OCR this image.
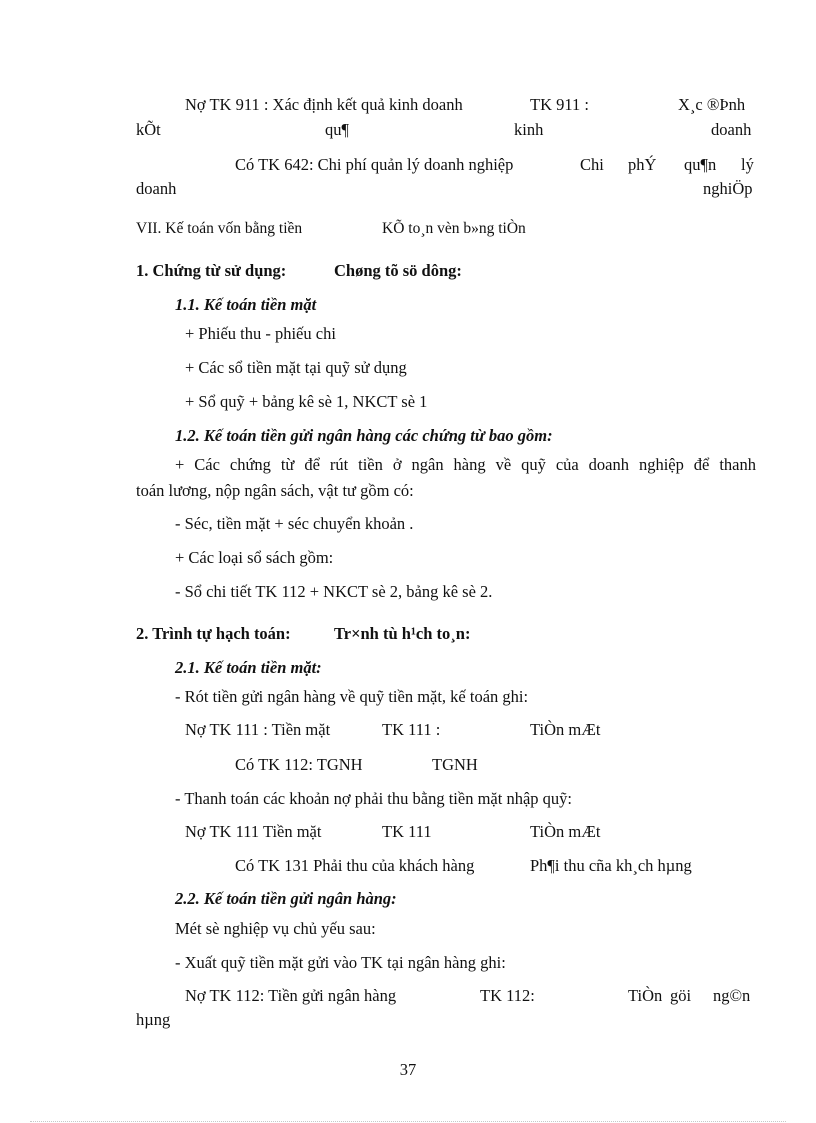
Nợ TK 911 : Xác định kết quả kinh doanh	TK 911 :	X¸c ®Þnh
kÕt	qu¶	kinh	doanh
Có TK 642: Chi phí quản lý doanh nghiệp	Chi phÝ qu¶n lý
doanh	nghiÖp
VII. Kế toán vốn bằng tiền	KÕ to¸n vèn b»ng tiÒn
1. Chứng từ sử dụng:	Chøng tõ sö dông:
1.1. Kế toán tiền mặt
+ Phiếu thu - phiếu chi
+ Các sổ tiền mặt tại quỹ sử dụng
+ Sổ quỹ + bảng kê sè 1, NKCT sè 1
1.2. Kế toán tiền gửi ngân hàng các chứng từ bao gồm:
+ Các chứng từ để rút tiền ở ngân hàng về quỹ của doanh nghiệp để thanh
toán lương, nộp ngân sách, vật tư gồm có:
- Séc, tiền mặt + séc chuyển khoản .
+ Các loại sổ sách gồm:
- Sổ chi tiết TK 112 + NKCT sè 2, bảng kê sè 2.
2. Trình tự hạch toán:	Tr×nh tù h¹ch to¸n:
2.1. Kế toán tiền mặt:
- Rót tiền gửi ngân hàng về quỹ tiền mặt, kế toán ghi:
Nợ TK 111 : Tiền mặt	TK 111 :	TiÒn mÆt
Có TK 112: TGNH	TGNH
- Thanh toán các khoản nợ phải thu bằng tiền mặt nhập quỹ:
Nợ TK 111 Tiền mặt	TK 111	TiÒn mÆt
Có TK 131 Phải thu của khách hàng	Ph¶i thu cña kh¸ch hµng
2.2. Kế toán tiền gửi ngân hàng:
Mét sè nghiệp vụ chủ yếu sau:
- Xuất quỹ tiền mặt gửi vào TK tại ngân hàng ghi:
Nợ TK 112: Tiền gửi ngân hàng	TK 112:	TiÒn göi ng©n
hµng
37
